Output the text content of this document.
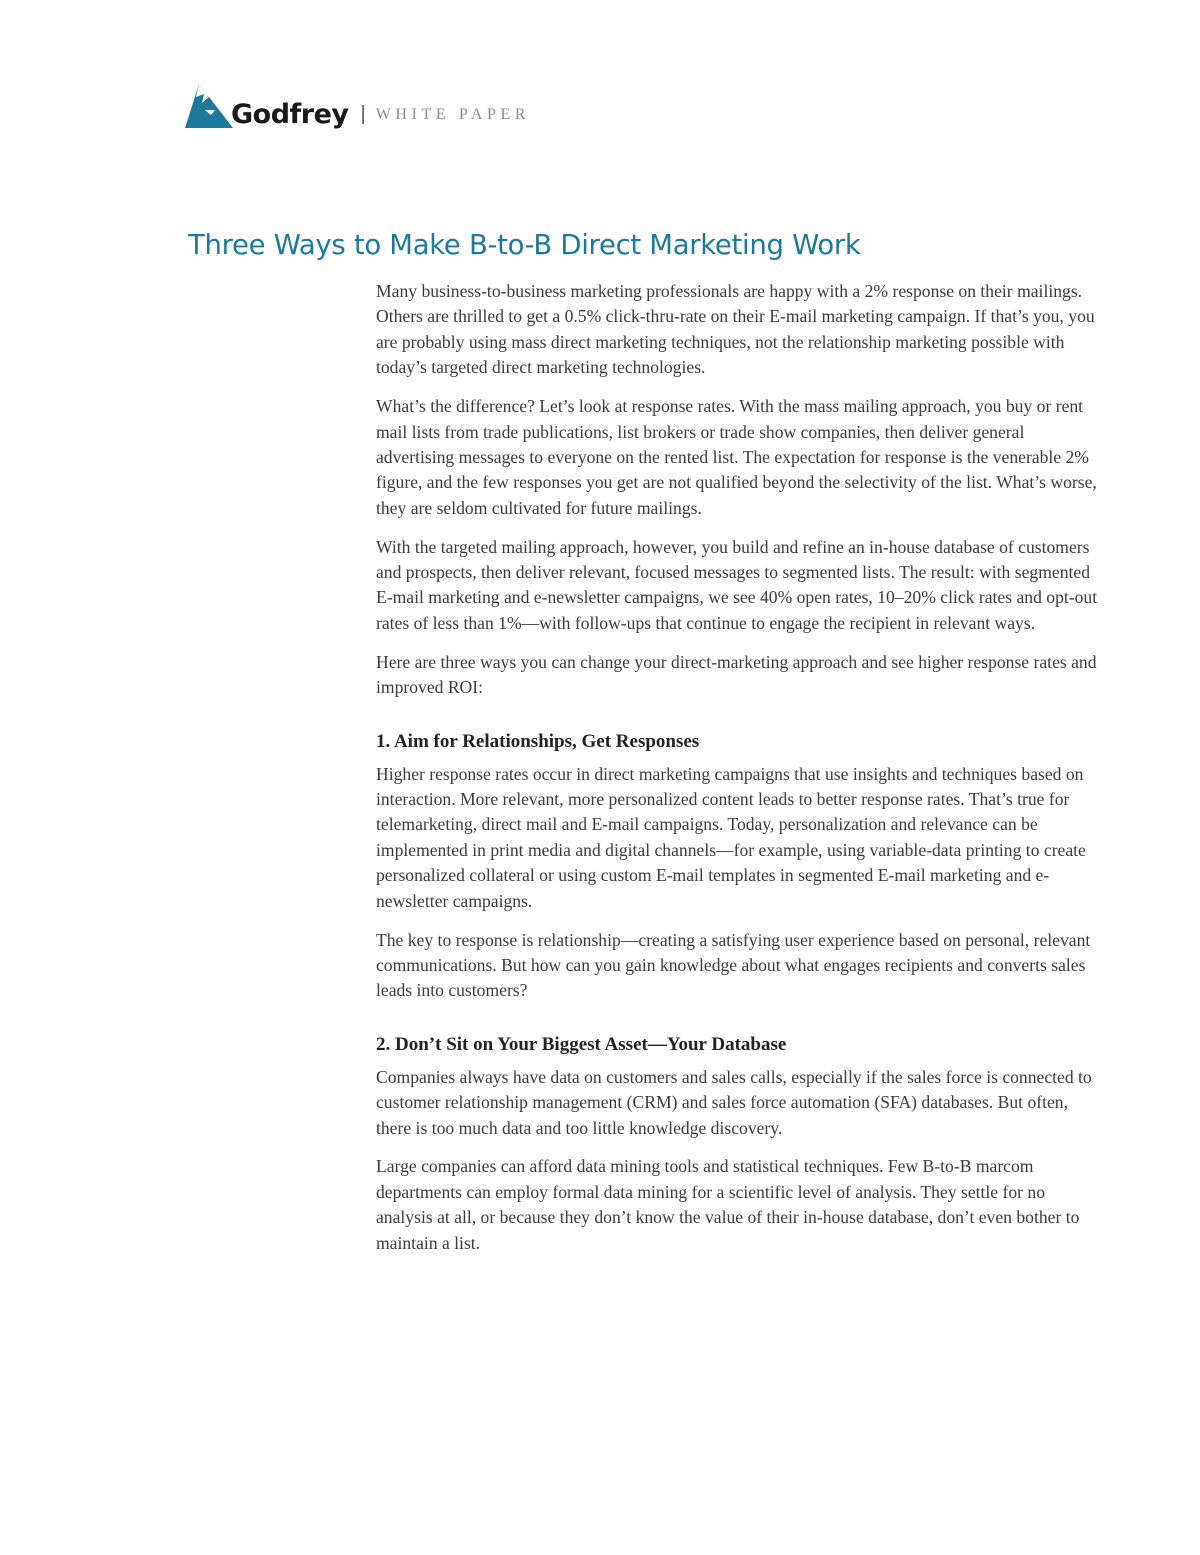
Godfrey | WHITE PAPER
Three Ways to Make B-to-B Direct Marketing Work

Many business-to-business marketing professionals are happy with a 2% response on their mailings. Others are thrilled to get a 0.5% click-thru-rate on their E-mail marketing campaign. If that’s you, you are probably using mass direct marketing techniques, not the relationship marketing possible with today’s targeted direct marketing technologies.

What’s the difference? Let’s look at response rates. With the mass mailing approach, you buy or rent mail lists from trade publications, list brokers or trade show companies, then deliver general advertising messages to everyone on the rented list. The expectation for response is the venerable 2% figure, and the few responses you get are not qualified beyond the selectivity of the list. What’s worse, they are seldom cultivated for future mailings.

With the targeted mailing approach, however, you build and refine an in-house database of customers and prospects, then deliver relevant, focused messages to segmented lists. The result: with segmented E-mail marketing and e-newsletter campaigns, we see 40% open rates, 10–20% click rates and opt-out rates of less than 1%—with follow-ups that continue to engage the recipient in relevant ways.

Here are three ways you can change your direct-marketing approach and see higher response rates and improved ROI:

1. Aim for Relationships, Get Responses

Higher response rates occur in direct marketing campaigns that use insights and techniques based on interaction. More relevant, more personalized content leads to better response rates. That’s true for telemarketing, direct mail and E-mail campaigns. Today, personalization and relevance can be implemented in print media and digital channels—for example, using variable-data printing to create personalized collateral or using custom E-mail templates in segmented E-mail marketing and e-newsletter campaigns.

The key to response is relationship—creating a satisfying user experience based on personal, relevant communications. But how can you gain knowledge about what engages recipients and converts sales leads into customers?

2. Don’t Sit on Your Biggest Asset—Your Database

Companies always have data on customers and sales calls, especially if the sales force is connected to customer relationship management (CRM) and sales force automation (SFA) databases. But often, there is too much data and too little knowledge discovery.

Large companies can afford data mining tools and statistical techniques. Few B-to-B marcom departments can employ formal data mining for a scientific level of analysis. They settle for no analysis at all, or because they don’t know the value of their in-house database, don’t even bother to maintain a list.
